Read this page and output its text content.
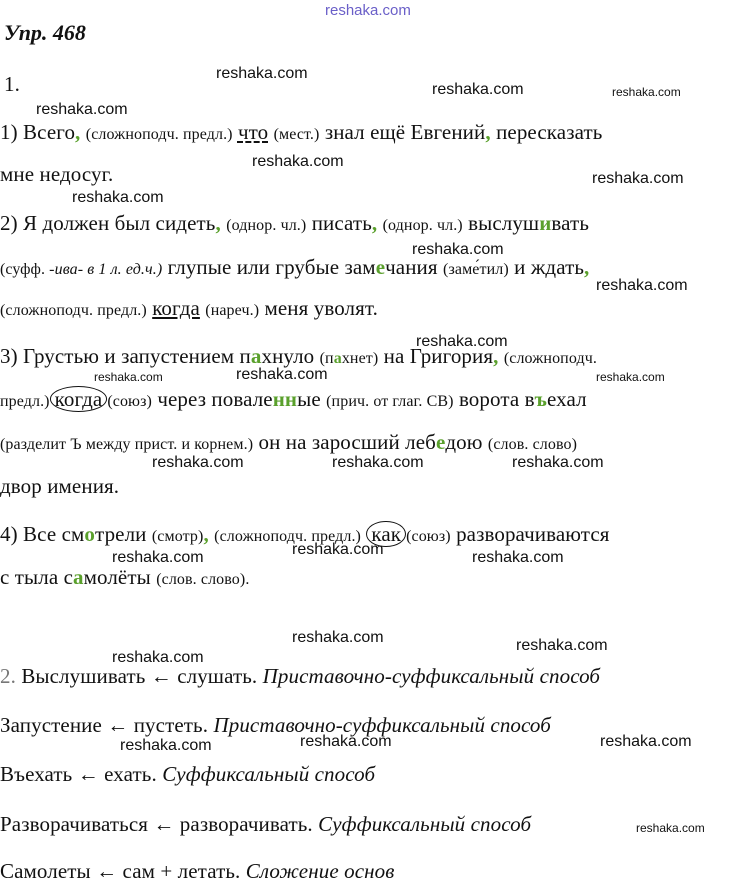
reshaka.com
Упр. 468
1.	reshaka.com
reshaka.com	reshaka.com
reshaka.com
reshaka.com
reshaka.com
reshaka.com
reshaka.com
reshaka.com
reshaka.com
reshaka.com	reshaka.com	reshaka.com
reshaka.com	reshaka.com	reshaka.com
reshaka.com
reshaka.com	reshaka.com
reshaka.com	reshaka.com
reshaka.com
reshaka.com	reshaka.com	reshaka.com
reshaka.com
1) Всего, (сложноподч. предл.) что (мест.) знал ещё Евгений, пересказать
мне недосуг.
2) Я должен был сидеть, (однор. чл.) писать, (однор. чл.) выслушивать
(суфф. -ива- в 1 л. ед.ч.) глупые или грубые замечания (заме́тил) и ждать,
(сложноподч. предл.) когда (нареч.) меня уволят.
3) Грустью и запустением пахнуло (пахнет) на Григория, (сложноподч.
предл.) когда (союз) через поваленные (прич. от глаг. СВ) ворота въехал
(разделит Ъ между прист. и корнем.) он на заросший лебедою (слов. слово)
двор имения.
4) Все смотрели (смотр), (сложноподч. предл.) как (союз) разворачиваются
с тыла самолёты (слов. слово).
2. Выслушивать ← слушать. Приставочно-суффиксальный способ
Запустение ← пустеть. Приставочно-суффиксальный способ
Въехать ← ехать. Суффиксальный способ
Разворачиваться ← разворачивать. Суффиксальный способ
Самолеты ← сам + летать. Сложение основ
